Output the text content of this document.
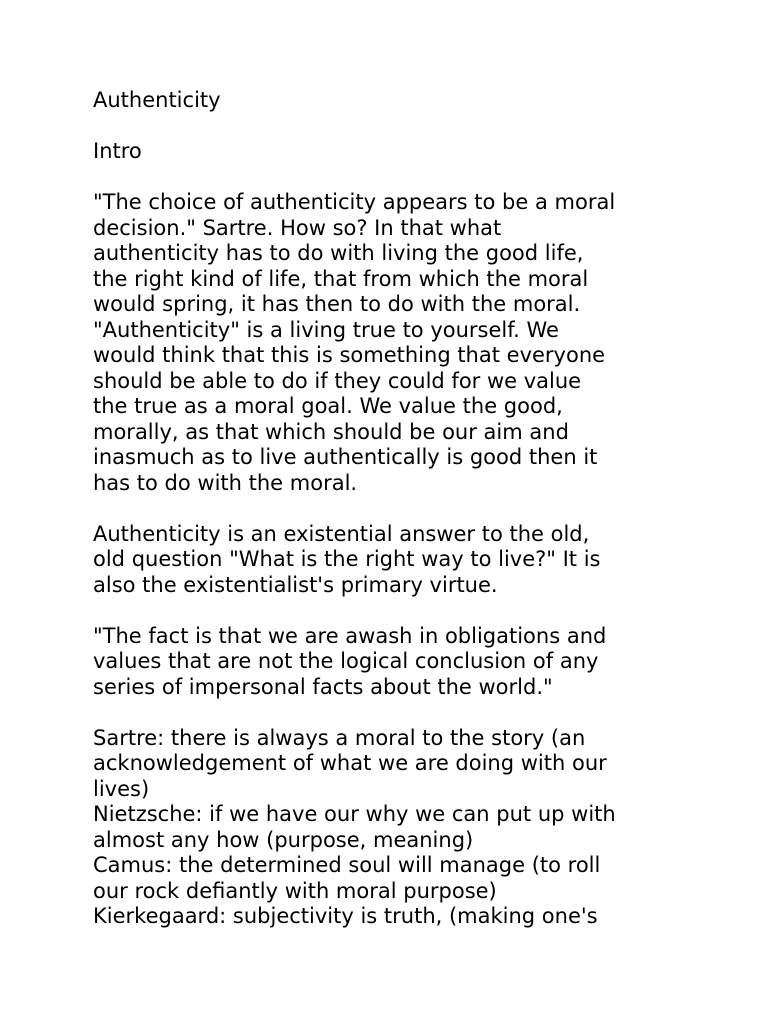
Authenticity
Intro
"The choice of authenticity appears to be a moral
decision." Sartre. How so? In that what
authenticity has to do with living the good life,
the right kind of life, that from which the moral
would spring, it has then to do with the moral.
"Authenticity" is a living true to yourself. We
would think that this is something that everyone
should be able to do if they could for we value
the true as a moral goal. We value the good,
morally, as that which should be our aim and
inasmuch as to live authentically is good then it
has to do with the moral.
Authenticity is an existential answer to the old,
old question "What is the right way to live?" It is
also the existentialist's primary virtue.
"The fact is that we are awash in obligations and
values that are not the logical conclusion of any
series of impersonal facts about the world."
Sartre: there is always a moral to the story (an
acknowledgement of what we are doing with our
lives)
Nietzsche: if we have our why we can put up with
almost any how (purpose, meaning)
Camus: the determined soul will manage (to roll
our rock defiantly with moral purpose)
Kierkegaard: subjectivity is truth, (making one's
